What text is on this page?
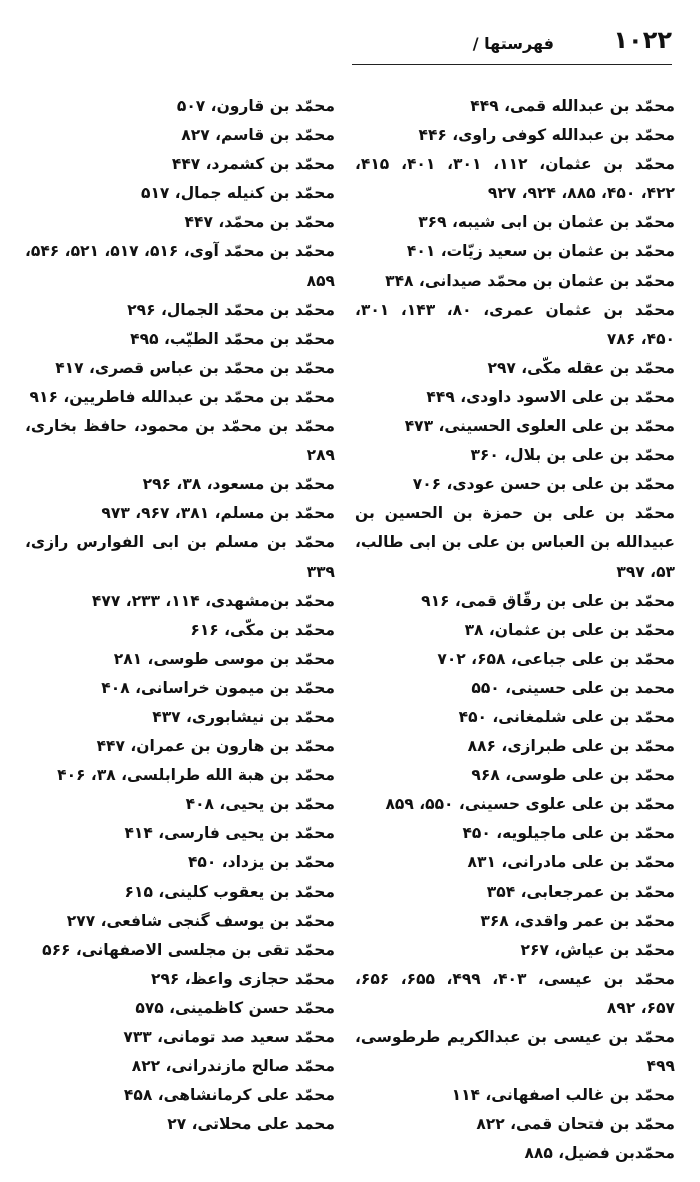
۱۰۲۲
فهرستها /
محمّد بن عبدالله قمی، ۴۴۹
محمّد بن عبدالله کوفی راوی، ۴۴۶
محمّد بن عثمان، ۱۱۲، ۳۰۱، ۴۰۱، ۴۱۵، ۴۲۲، ۴۵۰، ۸۸۵، ۹۲۴، ۹۲۷
محمّد بن عثمان بن ابی شیبه، ۳۶۹
محمّد بن عثمان بن سعید زیّات، ۴۰۱
محمّد بن عثمان بن محمّد صیدانی، ۳۴۸
محمّد بن عثمان عمری، ۸۰، ۱۴۳، ۳۰۱، ۴۵۰، ۷۸۶
محمّد بن عقله مکّی، ۲۹۷
محمّد بن علی الاسود داودی، ۴۴۹
محمّد بن علی العلوی الحسینی، ۴۷۳
محمّد بن علی بن بلال، ۳۶۰
محمّد بن علی بن حسن عودی، ۷۰۶
محمّد بن علی بن حمزة بن الحسین بن عبیدالله بن العباس بن علی بن ابی طالب، ۵۳، ۳۹۷
محمّد بن علی بن رقّاق قمی، ۹۱۶
محمّد بن علی بن عثمان، ۳۸
محمّد بن علی جباعی، ۶۵۸، ۷۰۲
محمد بن علی حسینی، ۵۵۰
محمّد بن علی شلمغانی، ۴۵۰
محمّد بن علی طبرازی، ۸۸۶
محمّد بن علی طوسی، ۹۶۸
محمّد بن علی علوی حسینی، ۵۵۰، ۸۵۹
محمّد بن علی ماجیلویه، ۴۵۰
محمّد بن علی مادرانی، ۸۳۱
محمّد بن عمرجعابی، ۳۵۴
محمّد بن عمر واقدی، ۳۶۸
محمّد بن عیاش، ۲۶۷
محمّد بن عیسی، ۴۰۳، ۴۹۹، ۶۵۵، ۶۵۶، ۶۵۷، ۸۹۲
محمّد بن عیسی بن عبدالکریم طرطوسی، ۴۹۹
محمّد بن غالب اصفهانی، ۱۱۴
محمّد بن فتحان قمی، ۸۲۲
محمّدبن فضیل، ۸۸۵
محمّد بن قارون، ۵۰۷
محمّد بن قاسم، ۸۲۷
محمّد بن کشمرد، ۴۴۷
محمّد بن کنیله جمال، ۵۱۷
محمّد بن محمّد، ۴۴۷
محمّد بن محمّد آوی، ۵۱۶، ۵۱۷، ۵۲۱، ۵۴۶، ۸۵۹
محمّد بن محمّد الجمال، ۲۹۶
محمّد بن محمّد الطیّب، ۴۹۵
محمّد بن محمّد بن عباس قصری، ۴۱۷
محمّد بن محمّد بن عبدالله فاطریین، ۹۱۶
محمّد بن محمّد بن محمود، حافظ بخاری، ۲۸۹
محمّد بن مسعود، ۳۸، ۲۹۶
محمّد بن مسلم، ۳۸۱، ۹۶۷، ۹۷۳
محمّد بن مسلم بن ابی الفوارس رازی، ۳۳۹
محمّد بن‌مشهدی، ۱۱۴، ۲۳۳، ۴۷۷
محمّد بن مکّی، ۶۱۶
محمّد بن موسی طوسی، ۲۸۱
محمّد بن میمون خراسانی، ۴۰۸
محمّد بن نیشابوری، ۴۳۷
محمّد بن هارون بن عمران، ۴۴۷
محمّد بن هبة الله طرابلسی، ۳۸، ۴۰۶
محمّد بن یحیی، ۴۰۸
محمّد بن یحیی فارسی، ۴۱۴
محمّد بن یزداد، ۴۵۰
محمّد بن یعقوب کلینی، ۶۱۵
محمّد بن یوسف گنجی شافعی، ۲۷۷
محمّد تقی بن مجلسی الاصفهانی، ۵۶۶
محمّد حجازی واعظ، ۲۹۶
محمّد حسن کاظمینی، ۵۷۵
محمّد سعید صد تومانی، ۷۳۳
محمّد صالح مازندرانی، ۸۲۲
محمّد علی کرمانشاهی، ۴۵۸
محمد علی محلاتی، ۲۷
